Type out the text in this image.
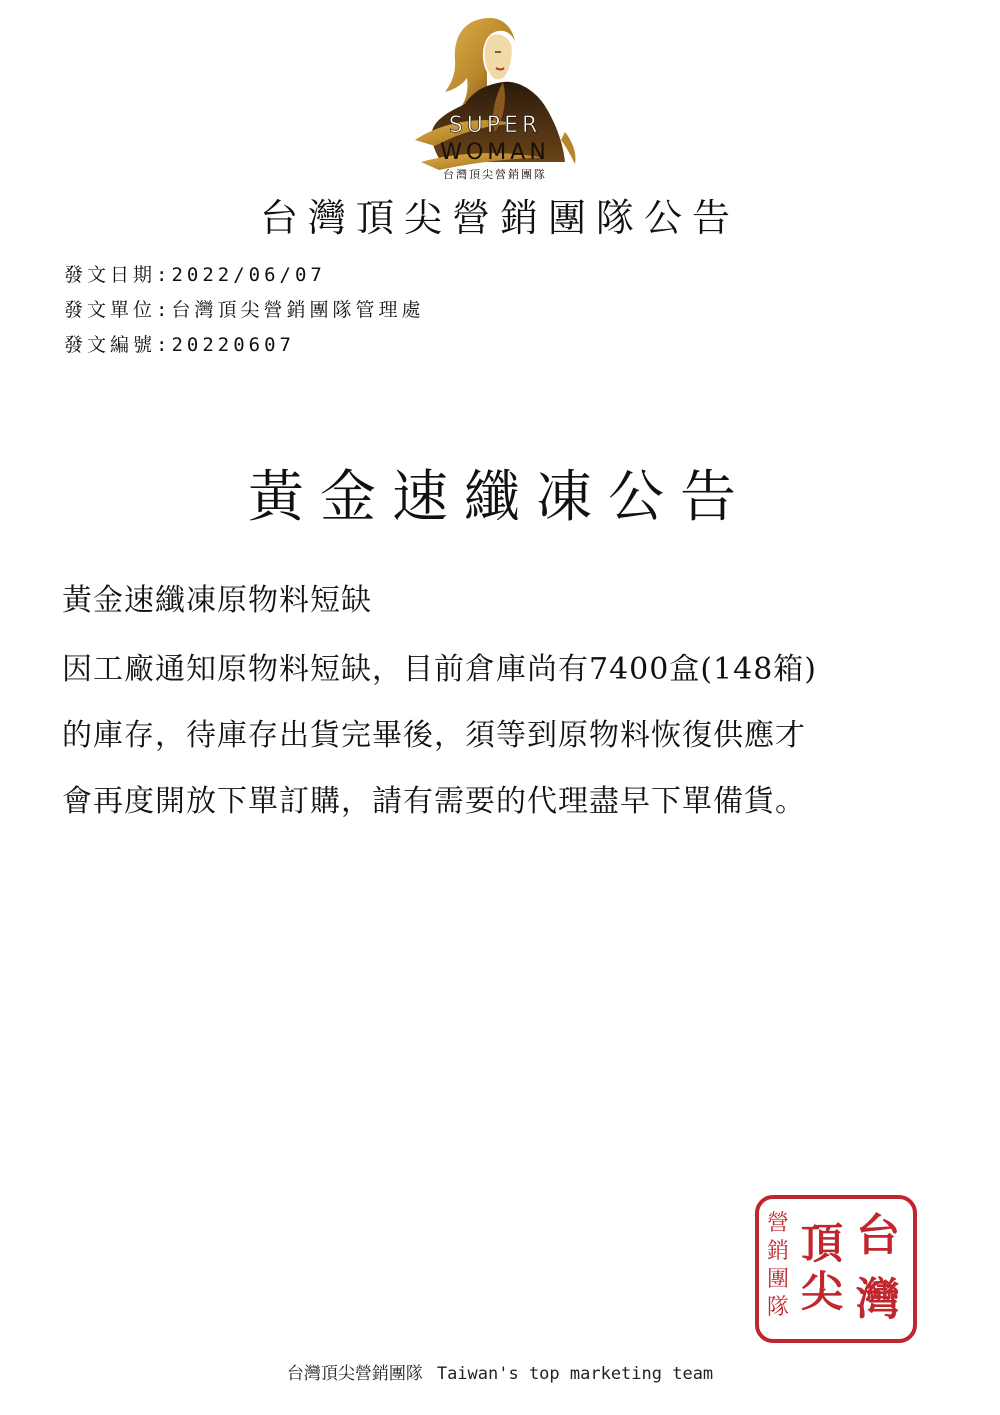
SUPER
WOMAN
台灣頂尖營銷團隊
台灣頂尖營銷團隊公告
發文日期:2022/06/07
發文單位:台灣頂尖營銷團隊管理處
發文編號:20220607
黃金速纖凍公告
黃金速纖凍原物料短缺
因工廠通知原物料短缺，目前倉庫尚有7400盒(148箱)
的庫存，待庫存出貨完畢後，須等到原物料恢復供應才
會再度開放下單訂購，請有需要的代理盡早下單備貨。
營
銷
團
隊
頂
尖
台
灣
台灣頂尖營銷團隊 Taiwan's top marketing team
